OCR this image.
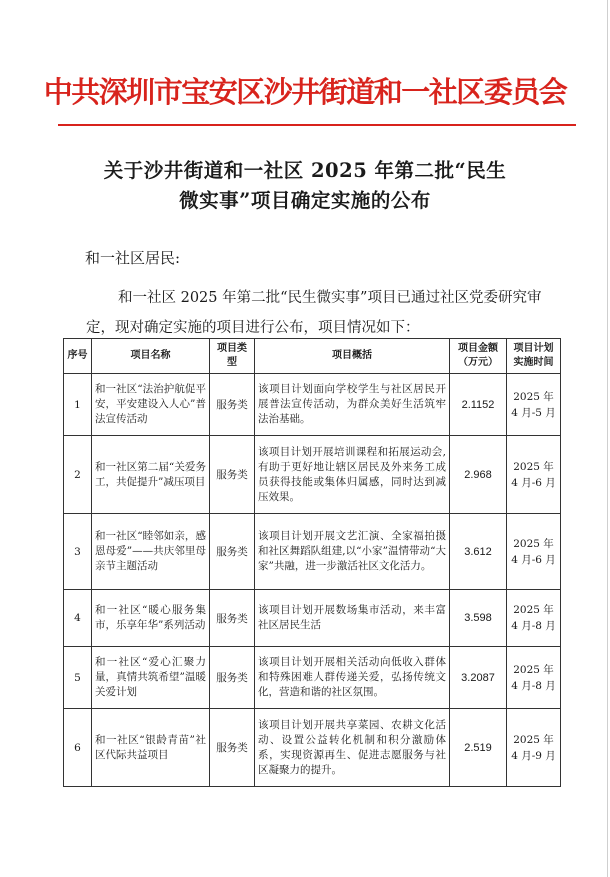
中共深圳市宝安区沙井街道和一社区委员会
关于沙井街道和一社区 2025 年第二批“民生
微实事”项目确定实施的公布
和一社区居民:
和一社区 2025 年第二批“民生微实事”项目已通过社区党委研究审定，现对确定实施的项目进行公布，项目情况如下：
序号	项目名称	项目类型	项目概括	项目金额（万元）	项目计划实施时间
1	和一社区“法治护航促平安，平安建设入人心”普法宣传活动	服务类	该项目计划面向学校学生与社区居民开展普法宣传活动，为群众美好生活筑牢法治基础。	2.1152	2025 年
4 月-5 月

2	和一社区第二届“关爱务工，共促提升”减压项目	服务类	该项目计划开展培训课程和拓展运动会,有助于更好地让辖区居民及外来务工成员获得技能或集体归属感，同时达到减压效果。	2.968	2025 年
4 月-6 月

3	和一社区“睦邻如亲，感恩母爱”——共庆邻里母亲节主题活动	服务类	该项目计划开展文艺汇演、全家福拍摄和社区舞蹈队组建,以“小家”温情带动“大家”共融，进一步激活社区文化活力。	3.612	2025 年
4 月-6 月

4	和一社区“暖心服务集市，乐享年华”系列活动	服务类	该项目计划开展数场集市活动，来丰富社区居民生活	3.598	2025 年
4 月-8 月

5	和一社区“爱心汇聚力量，真情共筑希望”温暖关爱计划	服务类	该项目计划开展相关活动向低收入群体和特殊困难人群传递关爱，弘扬传统文化，营造和谐的社区氛围。	3.2087	2025 年
4 月-8 月

6	和一社区“银龄青苗”社区代际共益项目	服务类	该项目计划开展共享菜园、农耕文化活动、设置公益转化机制和积分激励体系，实现资源再生、促进志愿服务与社区凝聚力的提升。	2.519	2025 年
4 月-9 月
